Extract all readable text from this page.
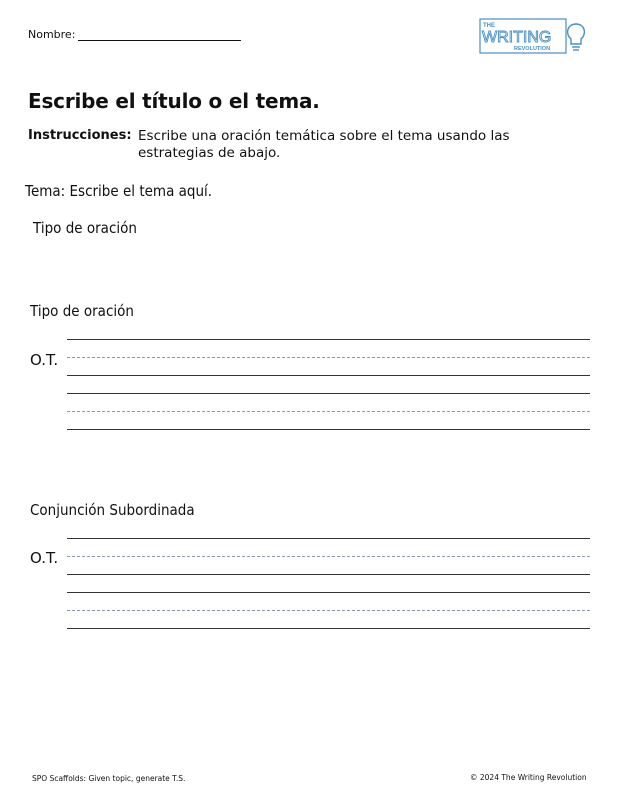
Nombre:
THE
WRITING
REVOLUTION
Escribe el título o el tema.
Instrucciones: Escribe una oración temática sobre el tema usando las estrategias de abajo.
Tema: Escribe el tema aquí.
Tipo de oración
Tipo de oración
O.T.
Conjunción Subordinada
O.T.
SPO Scaffolds: Given topic, generate T.S.	© 2024 The Writing Revolution
